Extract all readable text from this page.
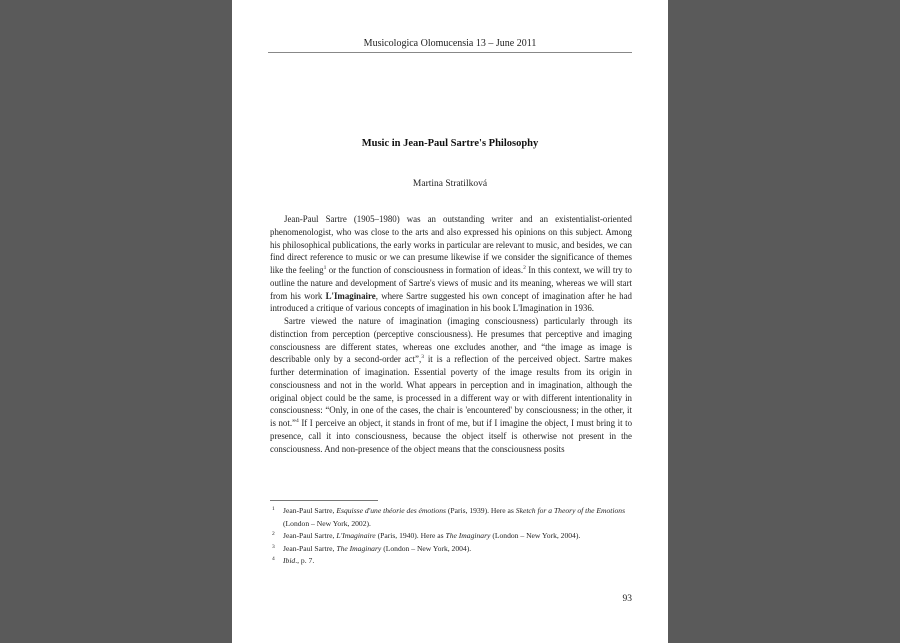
Musicologica Olomucensia 13 – June 2011
Music in Jean-Paul Sartre's Philosophy
Martina Stratilková

Jean-Paul Sartre (1905–1980) was an outstanding writer and an existentialist-oriented phenomenologist, who was close to the arts and also expressed his opinions on this subject. Among his philosophical publications, the early works in particular are relevant to music, and besides, we can find direct reference to music or we can presume likewise if we consider the significance of themes like the feeling$^1$ or the function of consciousness in formation of ideas.$^2$ In this context, we will try to outline the nature and development of Sartre's views of music and its meaning, whereas we will start from his work L'Imaginaire, where Sartre suggested his own concept of imagination after he had introduced a critique of various concepts of imagination in his book L'Imagination in 1936.

Sartre viewed the nature of imagination (imaging consciousness) particularly through its distinction from perception (perceptive consciousness). He presumes that perceptive and imaging consciousness are different states, whereas one excludes another, and “the image as image is describable only by a second-order act”,$^3$ it is a reflection of the perceived object. Sartre makes further determination of imagination. Essential poverty of the image results from its origin in consciousness and not in the world. What appears in perception and in imagination, although the original object could be the same, is processed in a different way or with different intentionality in consciousness: “Only, in one of the cases, the chair is 'encountered' by consciousness; in the other, it is not.”$^4$ If I perceive an object, it stands in front of me, but if I imagine the object, I must bring it to presence, call it into consciousness, because the object itself is otherwise not present in the consciousness. And non-presence of the object means that the consciousness posits

1 Jean-Paul Sartre, Esquisse d'une théorie des émotions (Paris, 1939). Here as Sketch for a Theory of the Emotions (London – New York, 2002).

2 Jean-Paul Sartre, L'Imaginaire (Paris, 1940). Here as The Imaginary (London – New York, 2004).

3 Jean-Paul Sartre, The Imaginary (London – New York, 2004).

4 Ibid., p. 7.

93
